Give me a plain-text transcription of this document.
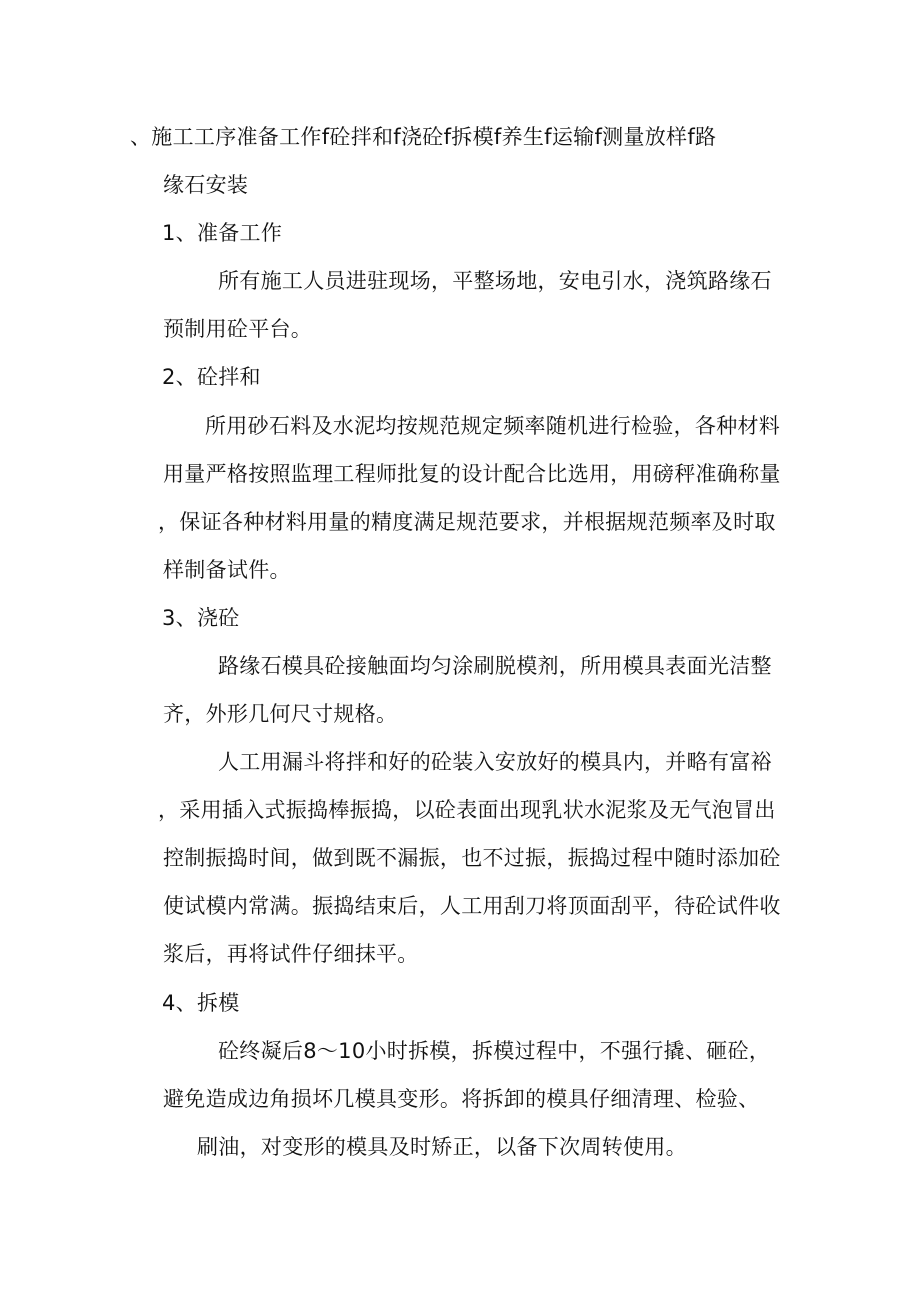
、施工工序准备工作f砼拌和f浇砼f拆模f养生f运输f测量放样f路
缘石安装
1、准备工作
所有施工人员进驻现场，平整场地，安电引水，浇筑路缘石
预制用砼平台。
2、砼拌和
所用砂石料及水泥均按规范规定频率随机进行检验，各种材料
用量严格按照监理工程师批复的设计配合比选用，用磅秤准确称量
，保证各种材料用量的精度满足规范要求，并根据规范频率及时取
样制备试件。
3、浇砼
路缘石模具砼接触面均匀涂刷脱模剂，所用模具表面光洁整
齐，外形几何尺寸规格。
人工用漏斗将拌和好的砼装入安放好的模具内，并略有富裕
，采用插入式振捣棒振捣，以砼表面出现乳状水泥浆及无气泡冒出
控制振捣时间，做到既不漏振，也不过振，振捣过程中随时添加砼
使试模内常满。振捣结束后，人工用刮刀将顶面刮平，待砼试件收
浆后，再将试件仔细抹平。
4、拆模
砼终凝后8～10小时拆模，拆模过程中，不强行撬、砸砼，
避免造成边角损坏几模具变形。将拆卸的模具仔细清理、检验、
刷油，对变形的模具及时矫正，以备下次周转使用。
